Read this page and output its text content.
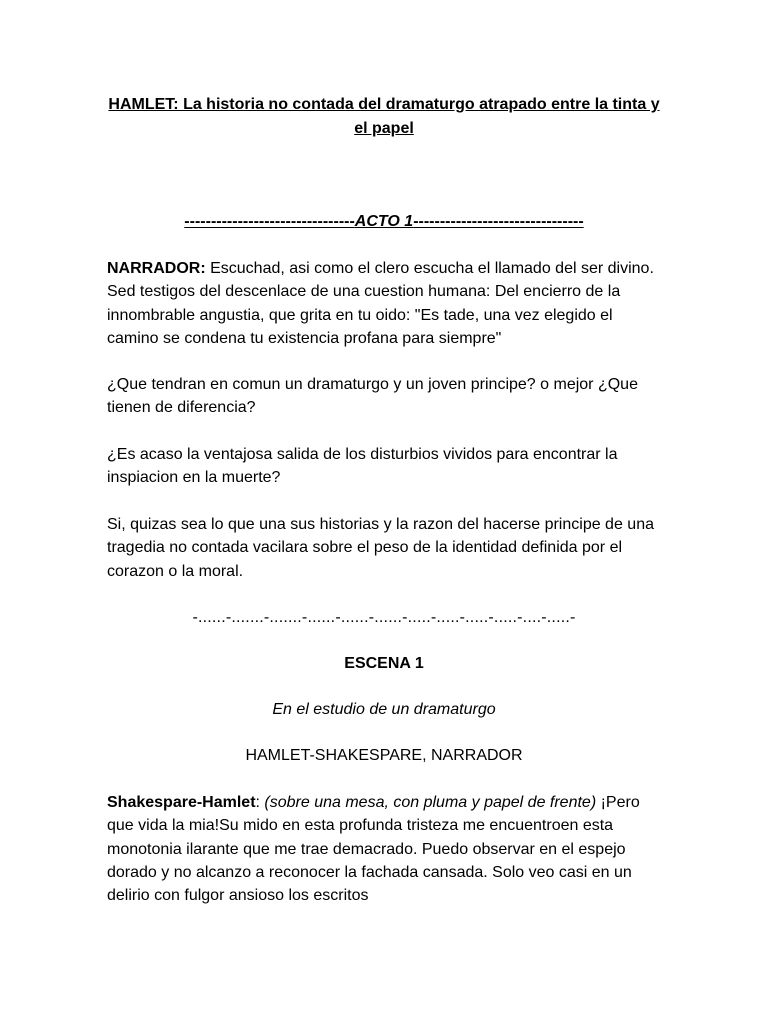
HAMLET: La historia no contada del dramaturgo atrapado entre la tinta y el papel
--------------------------------ACTO 1--------------------------------
NARRADOR: Escuchad, asi como el clero escucha el llamado del ser divino. Sed testigos del descenlace de una cuestion humana: Del encierro de la innombrable angustia, que grita en tu oido: "Es tade, una vez elegido el camino se condena tu existencia profana para siempre"
¿Que tendran en comun un dramaturgo y un joven principe? o mejor ¿Que tienen de diferencia?
¿Es acaso la ventajosa salida de los disturbios vividos para encontrar la inspiacion en la muerte?
Si, quizas sea lo que una sus historias y la razon del hacerse principe de una tragedia no contada vacilara sobre el peso de la identidad definida por el corazon o la moral.
-......-.......-.......-......-......-......-.....-.....-.....-.....-....-.....-
ESCENA 1
En el estudio de un dramaturgo
HAMLET-SHAKESPARE, NARRADOR
Shakespare-Hamlet: (sobre una mesa, con pluma y papel de frente) ¡Pero que vida la mia!Su mido en esta profunda tristeza me encuentroen esta monotonia ilarante que me trae demacrado. Puedo observar en el espejo dorado y no alcanzo a reconocer la fachada cansada. Solo veo casi en un delirio con fulgor ansioso los escritos
